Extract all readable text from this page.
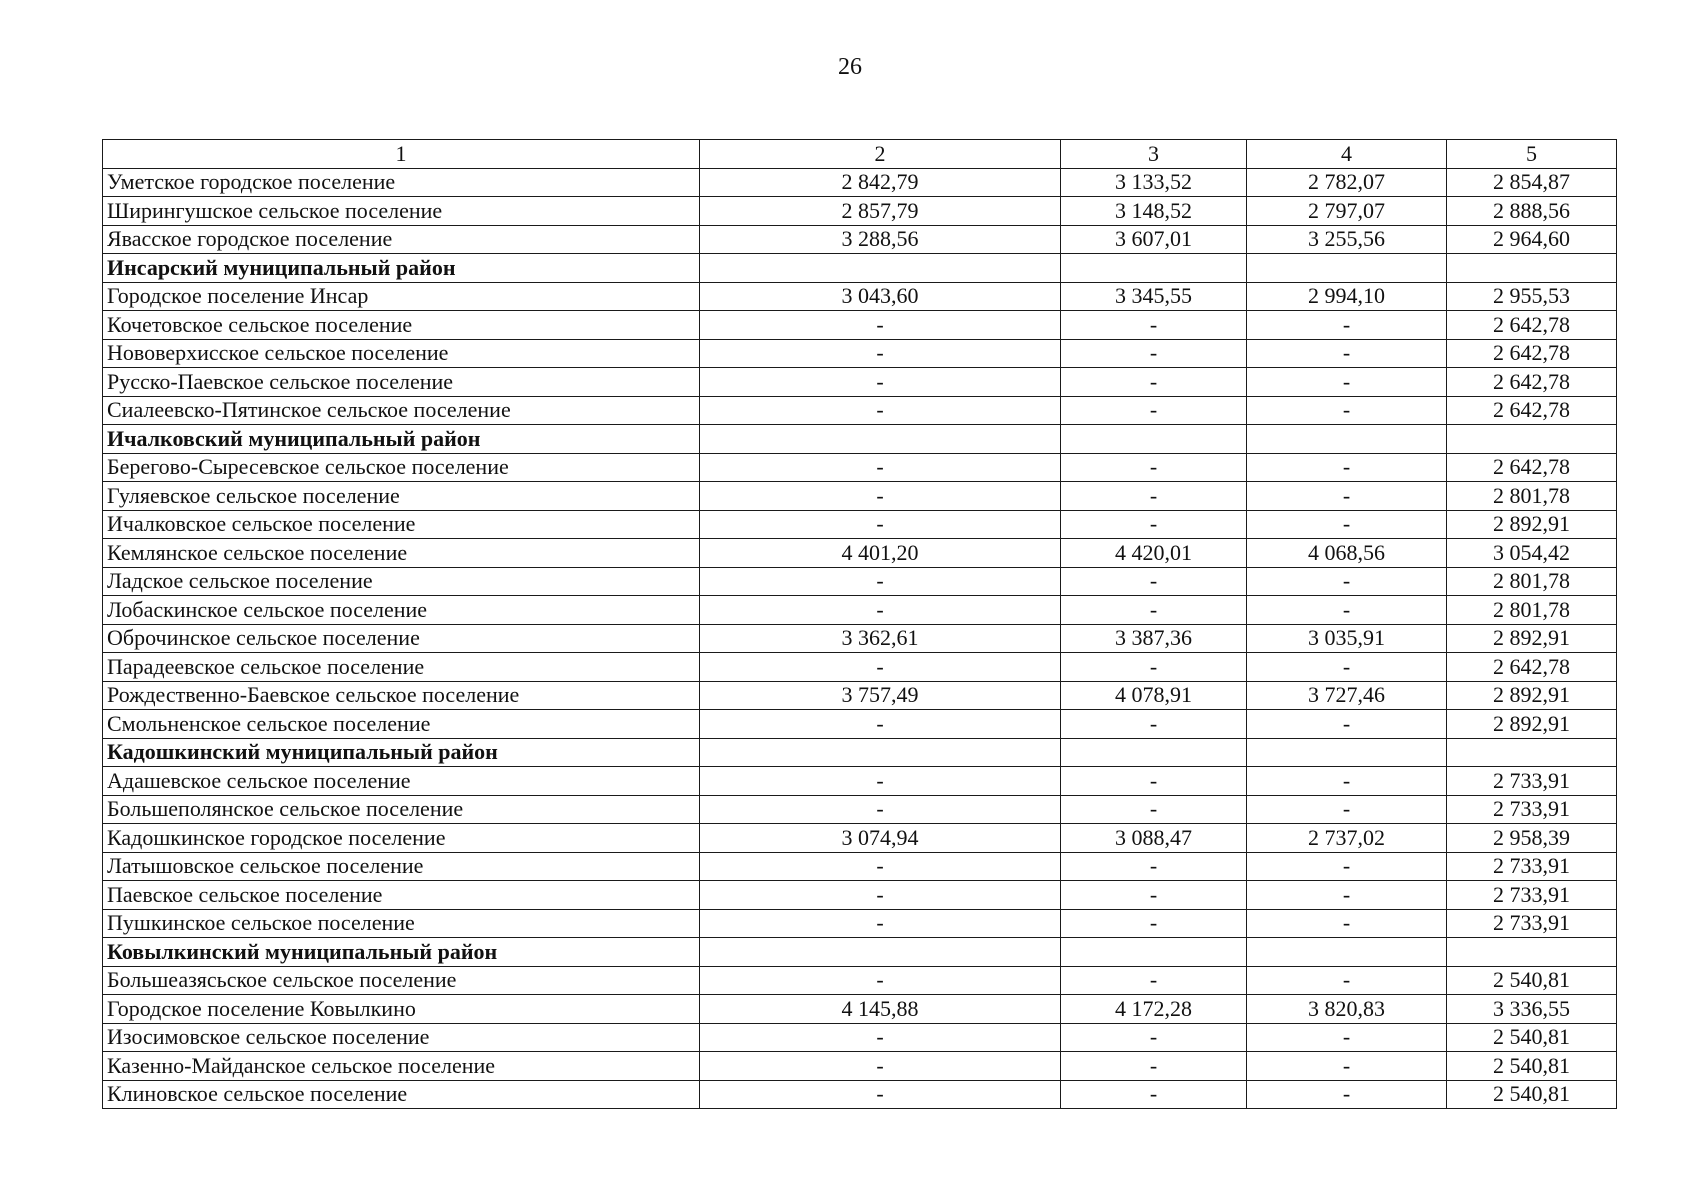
26
1	2	3	4	5
Уметское городское поселение	2 842,79	3 133,52	2 782,07	2 854,87
Ширингушское сельское поселение	2 857,79	3 148,52	2 797,07	2 888,56
Явасское городское поселение	3 288,56	3 607,01	3 255,56	2 964,60
Инсарский муниципальный район				
Городское поселение Инсар	3 043,60	3 345,55	2 994,10	2 955,53
Кочетовское сельское поселение	-	-	-	2 642,78
Нововерхисское сельское поселение	-	-	-	2 642,78
Русско-Паевское сельское поселение	-	-	-	2 642,78
Сиалеевско-Пятинское сельское поселение	-	-	-	2 642,78
Ичалковский муниципальный район				
Берегово-Сыресевское сельское поселение	-	-	-	2 642,78
Гуляевское сельское поселение	-	-	-	2 801,78
Ичалковское сельское поселение	-	-	-	2 892,91
Кемлянское сельское поселение	4 401,20	4 420,01	4 068,56	3 054,42
Ладское сельское поселение	-	-	-	2 801,78
Лобаскинское сельское поселение	-	-	-	2 801,78
Оброчинское сельское поселение	3 362,61	3 387,36	3 035,91	2 892,91
Парадеевское сельское поселение	-	-	-	2 642,78
Рождественно-Баевское сельское поселение	3 757,49	4 078,91	3 727,46	2 892,91
Смольненское сельское поселение	-	-	-	2 892,91
Кадошкинский муниципальный район				
Адашевское сельское поселение	-	-	-	2 733,91
Большеполянское сельское поселение	-	-	-	2 733,91
Кадошкинское городское поселение	3 074,94	3 088,47	2 737,02	2 958,39
Латышовское сельское поселение	-	-	-	2 733,91
Паевское сельское поселение	-	-	-	2 733,91
Пушкинское сельское поселение	-	-	-	2 733,91
Ковылкинский муниципальный район				
Большеазясьское сельское поселение	-	-	-	2 540,81
Городское поселение Ковылкино	4 145,88	4 172,28	3 820,83	3 336,55
Изосимовское сельское поселение	-	-	-	2 540,81
Казенно-Майданское сельское поселение	-	-	-	2 540,81
Клиновское сельское поселение	-	-	-	2 540,81
